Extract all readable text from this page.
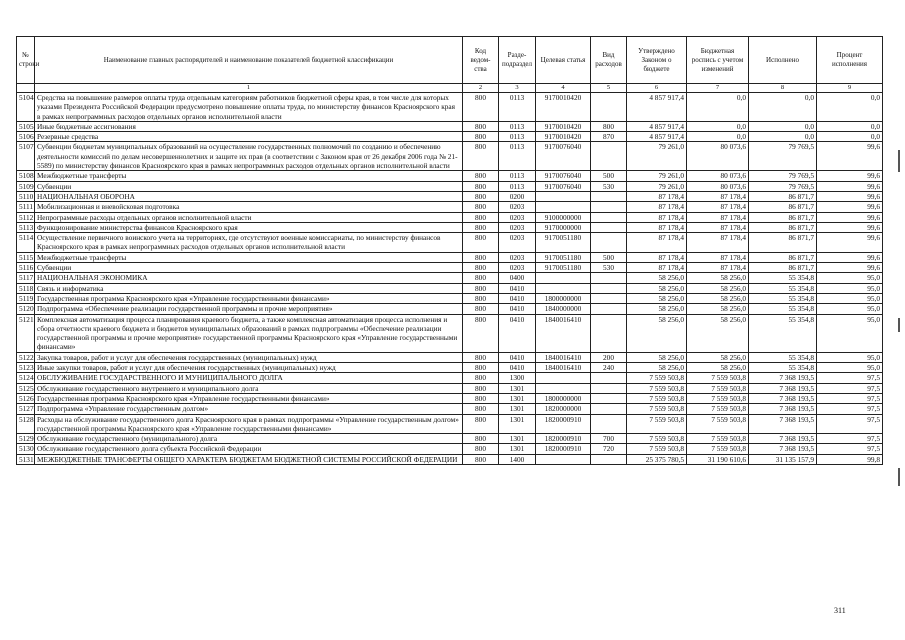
№ строки	Наименование главных распорядителей и наименование показателей бюджетной классификации	Код ведом-ства	Разде-подраздел	Целевая статья	Вид расходов	Утверждено Законом о бюджете	Бюджетная роспись с учетом изменений	Исполнено	Процент исполнения
	1	2	3	4	5	6	7	8	9
5104	Средства на повышение размеров оплаты труда отдельным категориям работников бюджетной сферы края, в том числе для которых указами Президента Российской Федерации предусмотрено повышение оплаты труда, по министерству финансов Красноярского края в рамках непрограммных расходов отдельных органов исполнительной власти	800	0113	9170010420		4 857 917,4	0,0	0,0	0,0
5105	Иные бюджетные ассигнования	800	0113	9170010420	800	4 857 917,4	0,0	0,0	0,0
5106	Резервные средства	800	0113	9170010420	870	4 857 917,4	0,0	0,0	0,0
5107	Субвенции бюджетам муниципальных образований на осуществление государственных полномочий по созданию и обеспечению деятельности комиссий по делам несовершеннолетних и защите их прав (в соответствии с Законом края от 26 декабря 2006 года № 21-5589) по министерству финансов Красноярского края в рамках непрограммных расходов отдельных органов исполнительной власти	800	0113	9170076040		79 261,0	80 073,6	79 769,5	99,6
5108	Межбюджетные трансферты	800	0113	9170076040	500	79 261,0	80 073,6	79 769,5	99,6
5109	Субвенции	800	0113	9170076040	530	79 261,0	80 073,6	79 769,5	99,6
5110	НАЦИОНАЛЬНАЯ ОБОРОНА	800	0200			87 178,4	87 178,4	86 871,7	99,6
5111	Мобилизационная и вневойсковая подготовка	800	0203			87 178,4	87 178,4	86 871,7	99,6
5112	Непрограммные расходы отдельных органов исполнительной власти	800	0203	9100000000		87 178,4	87 178,4	86 871,7	99,6
5113	Функционирование министерства финансов Красноярского края	800	0203	9170000000		87 178,4	87 178,4	86 871,7	99,6
5114	Осуществление первичного воинского учета на территориях, где отсутствуют военные комиссариаты, по министерству финансов Красноярского края в рамках непрограммных расходов отдельных органов исполнительной власти	800	0203	9170051180		87 178,4	87 178,4	86 871,7	99,6
5115	Межбюджетные трансферты	800	0203	9170051180	500	87 178,4	87 178,4	86 871,7	99,6
5116	Субвенции	800	0203	9170051180	530	87 178,4	87 178,4	86 871,7	99,6
5117	НАЦИОНАЛЬНАЯ ЭКОНОМИКА	800	0400			58 256,0	58 256,0	55 354,8	95,0
5118	Связь и информатика	800	0410			58 256,0	58 256,0	55 354,8	95,0
5119	Государственная программа Красноярского края «Управление государственными финансами»	800	0410	1800000000		58 256,0	58 256,0	55 354,8	95,0
5120	Подпрограмма «Обеспечение реализации государственной программы и прочие мероприятия»	800	0410	1840000000		58 256,0	58 256,0	55 354,8	95,0
5121	Комплексная автоматизация процесса планирования краевого бюджета, а также комплексная автоматизация процесса исполнения и сбора отчетности краевого бюджета и бюджетов муниципальных образований в рамках подпрограммы «Обеспечение реализации государственной программы и прочие мероприятия» государственной программы Красноярского края «Управление государственными финансами»	800	0410	1840016410		58 256,0	58 256,0	55 354,8	95,0
5122	Закупка товаров, работ и услуг для обеспечения государственных (муниципальных) нужд	800	0410	1840016410	200	58 256,0	58 256,0	55 354,8	95,0
5123	Иные закупки товаров, работ и услуг для обеспечения государственных (муниципальных) нужд	800	0410	1840016410	240	58 256,0	58 256,0	55 354,8	95,0
5124	ОБСЛУЖИВАНИЕ ГОСУДАРСТВЕННОГО И МУНИЦИПАЛЬНОГО ДОЛГА	800	1300			7 559 503,8	7 559 503,8	7 368 193,5	97,5
5125	Обслуживание государственного внутреннего и муниципального долга	800	1301			7 559 503,8	7 559 503,8	7 368 193,5	97,5
5126	Государственная программа Красноярского края «Управление государственными финансами»	800	1301	1800000000		7 559 503,8	7 559 503,8	7 368 193,5	97,5
5127	Подпрограмма «Управление государственным долгом»	800	1301	1820000000		7 559 503,8	7 559 503,8	7 368 193,5	97,5
5128	Расходы на обслуживание государственного долга Красноярского края в рамках подпрограммы «Управление государственным долгом» государственной программы Красноярского края «Управление государственными финансами»	800	1301	1820000910		7 559 503,8	7 559 503,8	7 368 193,5	97,5
5129	Обслуживание государственного (муниципального) долга	800	1301	1820000910	700	7 559 503,8	7 559 503,8	7 368 193,5	97,5
5130	Обслуживание государственного долга субъекта Российской Федерации	800	1301	1820000910	720	7 559 503,8	7 559 503,8	7 368 193,5	97,5
5131	МЕЖБЮДЖЕТНЫЕ ТРАНСФЕРТЫ ОБЩЕГО ХАРАКТЕРА БЮДЖЕТАМ БЮДЖЕТНОЙ СИСТЕМЫ РОССИЙСКОЙ ФЕДЕРАЦИИ	800	1400			25 375 780,5	31 190 610,6	31 135 157,9	99,8
311
